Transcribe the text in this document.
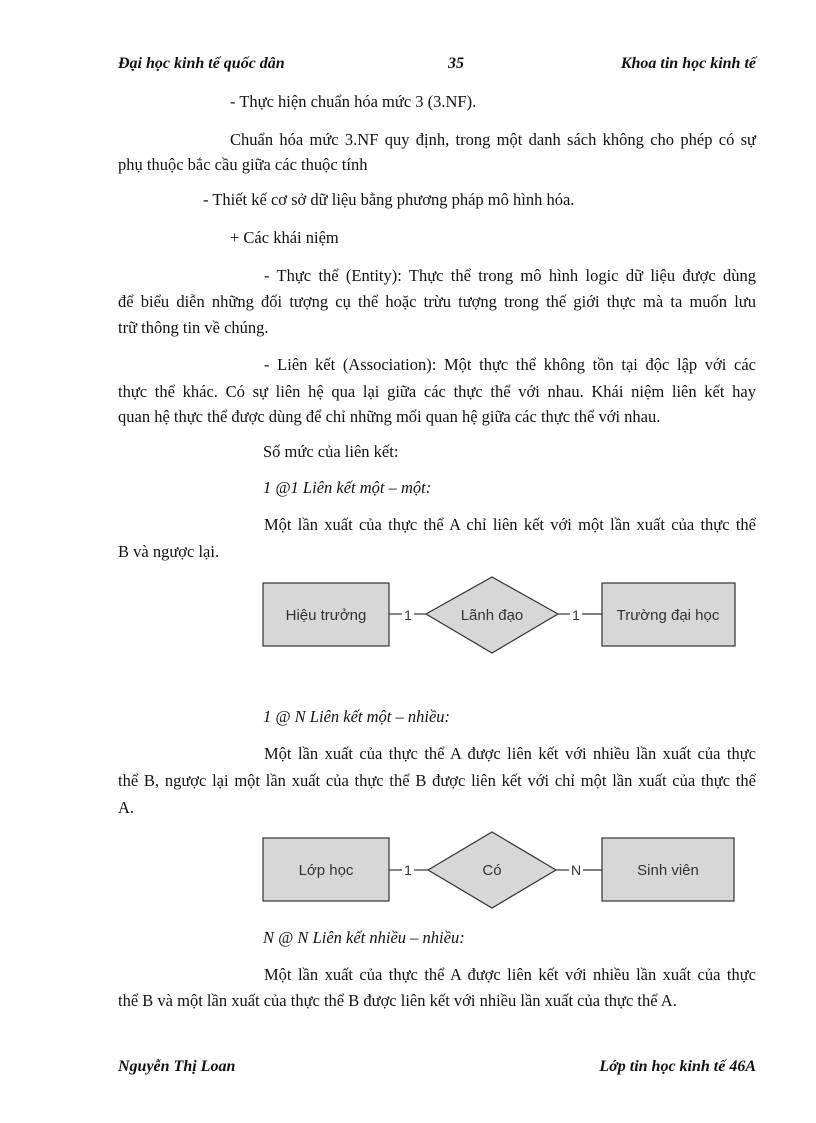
Đại học kinh tế quốc dân	35	Khoa tin học kinh tế
- Thực hiện chuẩn hóa mức 3 (3.NF).
Chuẩn hóa mức 3.NF quy định, trong một danh sách không cho phép có sự
phụ thuộc bắc cầu giữa các thuộc tính
- Thiết kế cơ sở dữ liệu bằng phương pháp mô hình hóa.
+ Các khái niệm
- Thực thể (Entity): Thực thể trong mô hình logic dữ liệu được dùng
để biểu diễn những đối tượng cụ thể hoặc trừu tượng trong thế giới thực mà ta muốn lưu
trữ thông tin về chúng.
- Liên kết (Association): Một thực thể không tồn tại độc lập với các
thực thể khác. Có sự liên hệ qua lại giữa các thực thể với nhau. Khái niệm liên kết hay
quan hệ thực thể được dùng để chỉ những mối quan hệ giữa các thực thể với nhau.
Số mức của liên kết:
1 @1 Liên kết một – một:
Một lần xuất của thực thể A chỉ liên kết với một lần xuất của thực thể
B và ngược lại.
Hiệu trưởng	1	Lãnh đạo	1 Trường đại học
1 @ N Liên kết một – nhiều:
Một lần xuất của thực thể A được liên kết với nhiều lần xuất của thực
thể B, ngược lại một lần xuất của thực thể B được liên kết với chỉ một lần xuất của thực thể
A.
Lớp học	1	Có	N	Sinh viên
N @ N Liên kết nhiều – nhiều:
Một lần xuất của thực thể A được liên kết với nhiều lần xuất của thực
thể B và một lần xuất của thực thể B được liên kết với nhiều lần xuất của thực thể A.
Nguyễn Thị Loan	Lớp tin học kinh tế 46A
